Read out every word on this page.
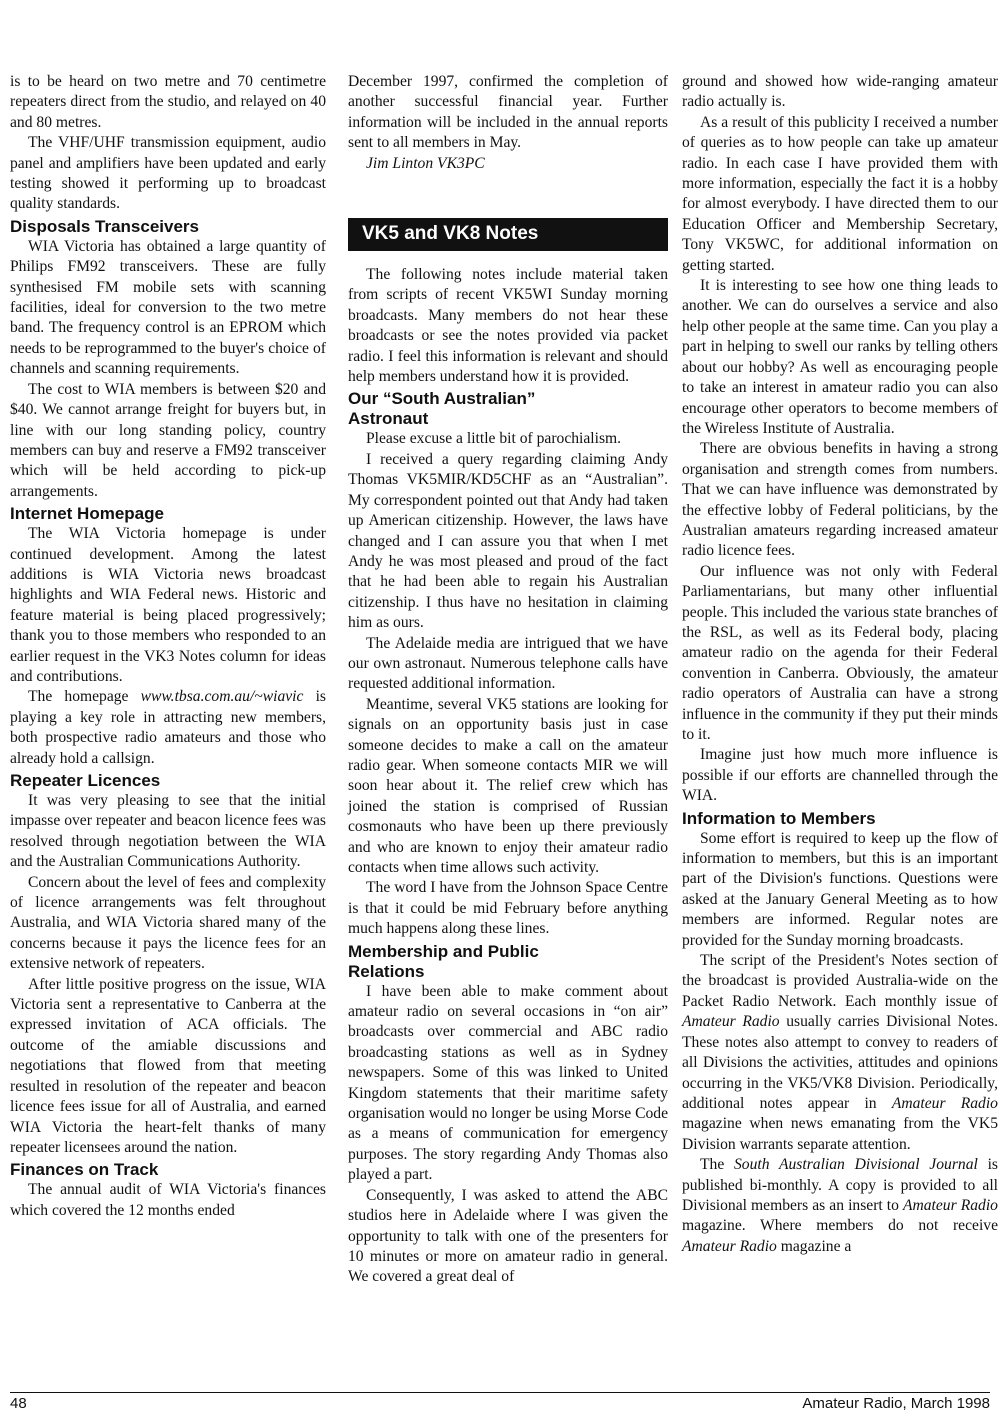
is to be heard on two metre and 70 centimetre repeaters direct from the studio, and relayed on 40 and 80 metres.

The VHF/UHF transmission equipment, audio panel and amplifiers have been updated and early testing showed it performing up to broadcast quality standards.

Disposals Transceivers

WIA Victoria has obtained a large quantity of Philips FM92 transceivers. These are fully synthesised FM mobile sets with scanning facilities, ideal for conversion to the two metre band. The frequency control is an EPROM which needs to be reprogrammed to the buyer's choice of channels and scanning requirements.

The cost to WIA members is between $20 and $40. We cannot arrange freight for buyers but, in line with our long standing policy, country members can buy and reserve a FM92 transceiver which will be held according to pick-up arrangements.

Internet Homepage

The WIA Victoria homepage is under continued development. Among the latest additions is WIA Victoria news broadcast highlights and WIA Federal news. Historic and feature material is being placed progressively; thank you to those members who responded to an earlier request in the VK3 Notes column for ideas and contributions.

The homepage www.tbsa.com.au/~wiavic is playing a key role in attracting new members, both prospective radio amateurs and those who already hold a callsign.

Repeater Licences

It was very pleasing to see that the initial impasse over repeater and beacon licence fees was resolved through negotiation between the WIA and the Australian Communications Authority.

Concern about the level of fees and complexity of licence arrangements was felt throughout Australia, and WIA Victoria shared many of the concerns because it pays the licence fees for an extensive network of repeaters.

After little positive progress on the issue, WIA Victoria sent a representative to Canberra at the expressed invitation of ACA officials. The outcome of the amiable discussions and negotiations that flowed from that meeting resulted in resolution of the repeater and beacon licence fees issue for all of Australia, and earned WIA Victoria the heart-felt thanks of many repeater licensees around the nation.

Finances on Track

The annual audit of WIA Victoria's finances which covered the 12 months ended

December 1997, confirmed the completion of another successful financial year. Further information will be included in the annual reports sent to all members in May.

Jim Linton VK3PC

VK5 and VK8 Notes

The following notes include material taken from scripts of recent VK5WI Sunday morning broadcasts. Many members do not hear these broadcasts or see the notes provided via packet radio. I feel this information is relevant and should help members understand how it is provided.

Our “South Australian”
Astronaut

Please excuse a little bit of parochialism.

I received a query regarding claiming Andy Thomas VK5MIR/KD5CHF as an “Australian”. My correspondent pointed out that Andy had taken up American citizenship. However, the laws have changed and I can assure you that when I met Andy he was most pleased and proud of the fact that he had been able to regain his Australian citizenship. I thus have no hesitation in claiming him as ours.

The Adelaide media are intrigued that we have our own astronaut. Numerous telephone calls have requested additional information.

Meantime, several VK5 stations are looking for signals on an opportunity basis just in case someone decides to make a call on the amateur radio gear. When someone contacts MIR we will soon hear about it. The relief crew which has joined the station is comprised of Russian cosmonauts who have been up there previously and who are known to enjoy their amateur radio contacts when time allows such activity.

The word I have from the Johnson Space Centre is that it could be mid February before anything much happens along these lines.

Membership and Public
Relations

I have been able to make comment about amateur radio on several occasions in “on air” broadcasts over commercial and ABC radio broadcasting stations as well as in Sydney newspapers. Some of this was linked to United Kingdom statements that their maritime safety organisation would no longer be using Morse Code as a means of communication for emergency purposes. The story regarding Andy Thomas also played a part.

Consequently, I was asked to attend the ABC studios here in Adelaide where I was given the opportunity to talk with one of the presenters for 10 minutes or more on amateur radio in general. We covered a great deal of

ground and showed how wide-ranging amateur radio actually is.

As a result of this publicity I received a number of queries as to how people can take up amateur radio. In each case I have provided them with more information, especially the fact it is a hobby for almost everybody. I have directed them to our Education Officer and Membership Secretary, Tony VK5WC, for additional information on getting started.

It is interesting to see how one thing leads to another. We can do ourselves a service and also help other people at the same time. Can you play a part in helping to swell our ranks by telling others about our hobby? As well as encouraging people to take an interest in amateur radio you can also encourage other operators to become members of the Wireless Institute of Australia.

There are obvious benefits in having a strong organisation and strength comes from numbers. That we can have influence was demonstrated by the effective lobby of Federal politicians, by the Australian amateurs regarding increased amateur radio licence fees.

Our influence was not only with Federal Parliamentarians, but many other influential people. This included the various state branches of the RSL, as well as its Federal body, placing amateur radio on the agenda for their Federal convention in Canberra. Obviously, the amateur radio operators of Australia can have a strong influence in the community if they put their minds to it.

Imagine just how much more influence is possible if our efforts are channelled through the WIA.

Information to Members

Some effort is required to keep up the flow of information to members, but this is an important part of the Division's functions. Questions were asked at the January General Meeting as to how members are informed. Regular notes are provided for the Sunday morning broadcasts.

The script of the President's Notes section of the broadcast is provided Australia-wide on the Packet Radio Network. Each monthly issue of Amateur Radio usually carries Divisional Notes. These notes also attempt to convey to readers of all Divisions the activities, attitudes and opinions occurring in the VK5/VK8 Division. Periodically, additional notes appear in Amateur Radio magazine when news emanating from the VK5 Division warrants separate attention.

The South Australian Divisional Journal is published bi-monthly. A copy is provided to all Divisional members as an insert to Amateur Radio magazine. Where members do not receive Amateur Radio magazine a

48	Amateur Radio, March 1998
